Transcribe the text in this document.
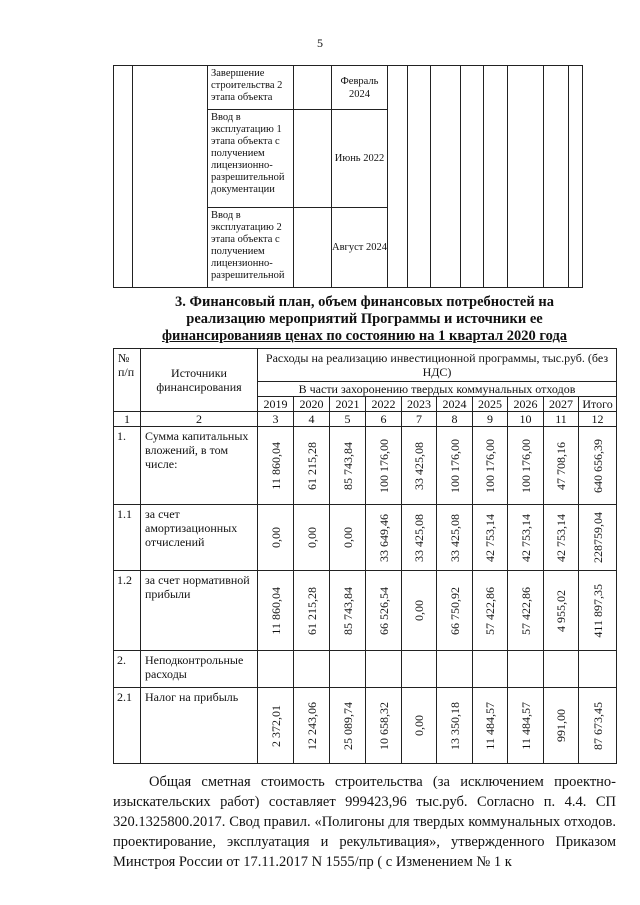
5
		Завершение строительства 2 этапа объекта		Февраль 2024								
		Ввод в эксплуатацию 1 этапа объекта с получением лицензионно-разрешительной документации		Июнь 2022								
		Ввод в эксплуатацию 2 этапа объекта с получением лицензионно-разрешительной		Август 2024								
3. Финансовый план, объем финансовых потребностей на
реализацию мероприятий Программы и источники ее
финансированияв ценах по состоянию на 1 квартал 2020 года
№ п/п	Источники финансирования	Расходы на реализацию инвестиционной программы, тыс.руб. (без НДС)									
		В части захоронению твердых коммунальных отходов									
		2019	2020	2021	2022	2023	2024	2025	2026	2027	Итого
1	2	3	4	5	6	7	8	9	10	11	12
1.	Сумма капитальных вложений, в том числе:	11 860,04	61 215,28	85 743,84	100 176,00	33 425,08	100 176,00	100 176,00	100 176,00	47 708,16	640 656,39

1.1	за счет амортизационных отчислений	0,00	0,00	0,00	33 649,46	33 425,08	33 425,08	42 753,14	42 753,14	42 753,14	228759,04

1.2	за счет нормативной прибыли	11 860,04	61 215,28	85 743,84	66 526,54	0,00	66 750,92	57 422,86	57 422,86	4 955,02	411 897,35

2.	Неподконтрольные расходы	

2.1	Налог на прибыль	2 372,01	12 243,06	25 089,74	10 658,32	0,00	13 350,18	11 484,57	11 484,57	991,00	87 673,45

Общая сметная стоимость строительства (за исключением проектно-изыскательских работ) составляет 999423,96 тыс.руб. Согласно п. 4.4. СП 320.1325800.2017. Свод правил. «Полигоны для твердых коммунальных отходов. проектирование, эксплуатация и рекультивация», утвержденного Приказом Минстроя России от 17.11.2017 N 1555/пр ( с Изменением № 1 к
